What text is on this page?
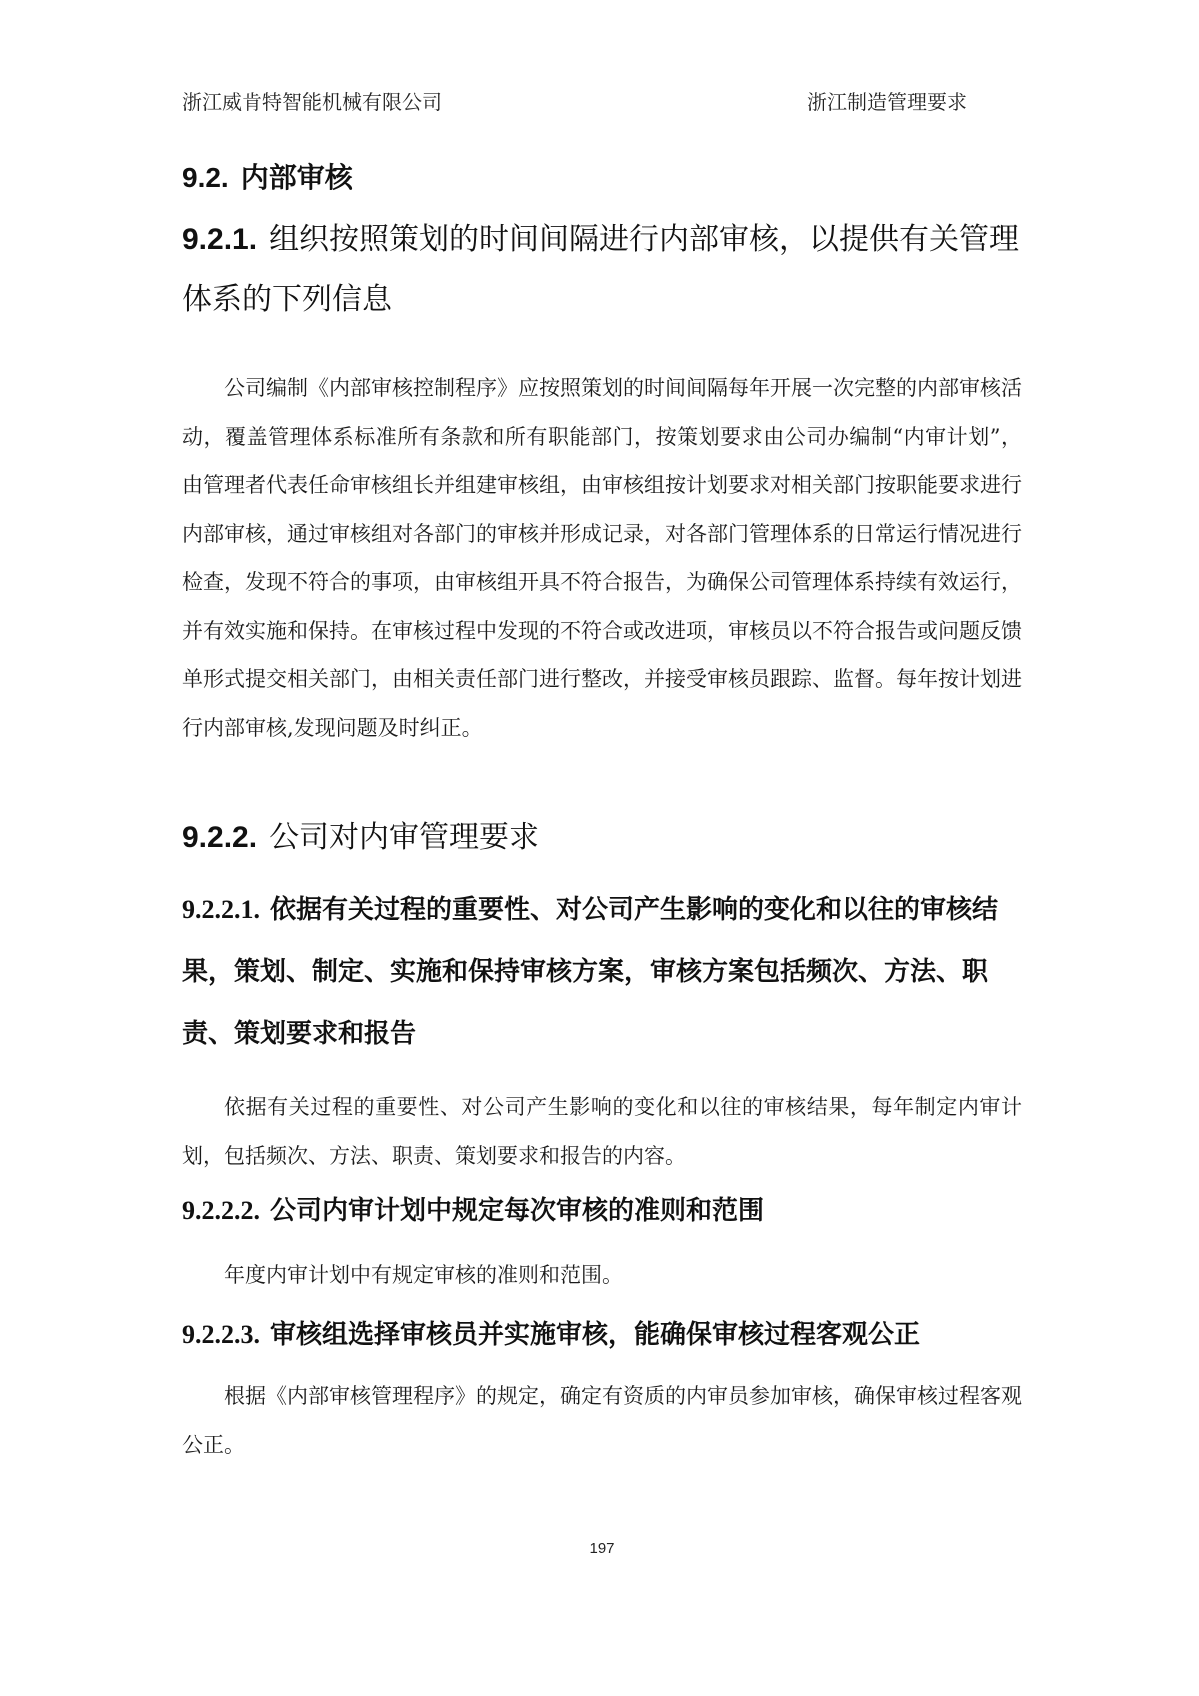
浙江威肯特智能机械有限公司	浙江制造管理要求
9.2. 内部审核
9.2.1. 组织按照策划的时间间隔进行内部审核，以提供有关管理体系的下列信息

公司编制《内部审核控制程序》应按照策划的时间间隔每年开展一次完整的内部审核活动，覆盖管理体系标准所有条款和所有职能部门，按策划要求由公司办编制“内审计划”，由管理者代表任命审核组长并组建审核组，由审核组按计划要求对相关部门按职能要求进行内部审核，通过审核组对各部门的审核并形成记录，对各部门管理体系的日常运行情况进行检查，发现不符合的事项，由审核组开具不符合报告，为确保公司管理体系持续有效运行，并有效实施和保持。在审核过程中发现的不符合或改进项，审核员以不符合报告或问题反馈单形式提交相关部门，由相关责任部门进行整改，并接受审核员跟踪、监督。每年按计划进行内部审核,发现问题及时纠正。

9.2.2. 公司对内审管理要求
9.2.2.1. 依据有关过程的重要性、对公司产生影响的变化和以往的审核结果，策划、制定、实施和保持审核方案，审核方案包括频次、方法、职责、策划要求和报告

依据有关过程的重要性、对公司产生影响的变化和以往的审核结果，每年制定内审计划，包括频次、方法、职责、策划要求和报告的内容。

9.2.2.2. 公司内审计划中规定每次审核的准则和范围

年度内审计划中有规定审核的准则和范围。

9.2.2.3. 审核组选择审核员并实施审核，能确保审核过程客观公正

根据《内部审核管理程序》的规定，确定有资质的内审员参加审核，确保审核过程客观公正。

197
